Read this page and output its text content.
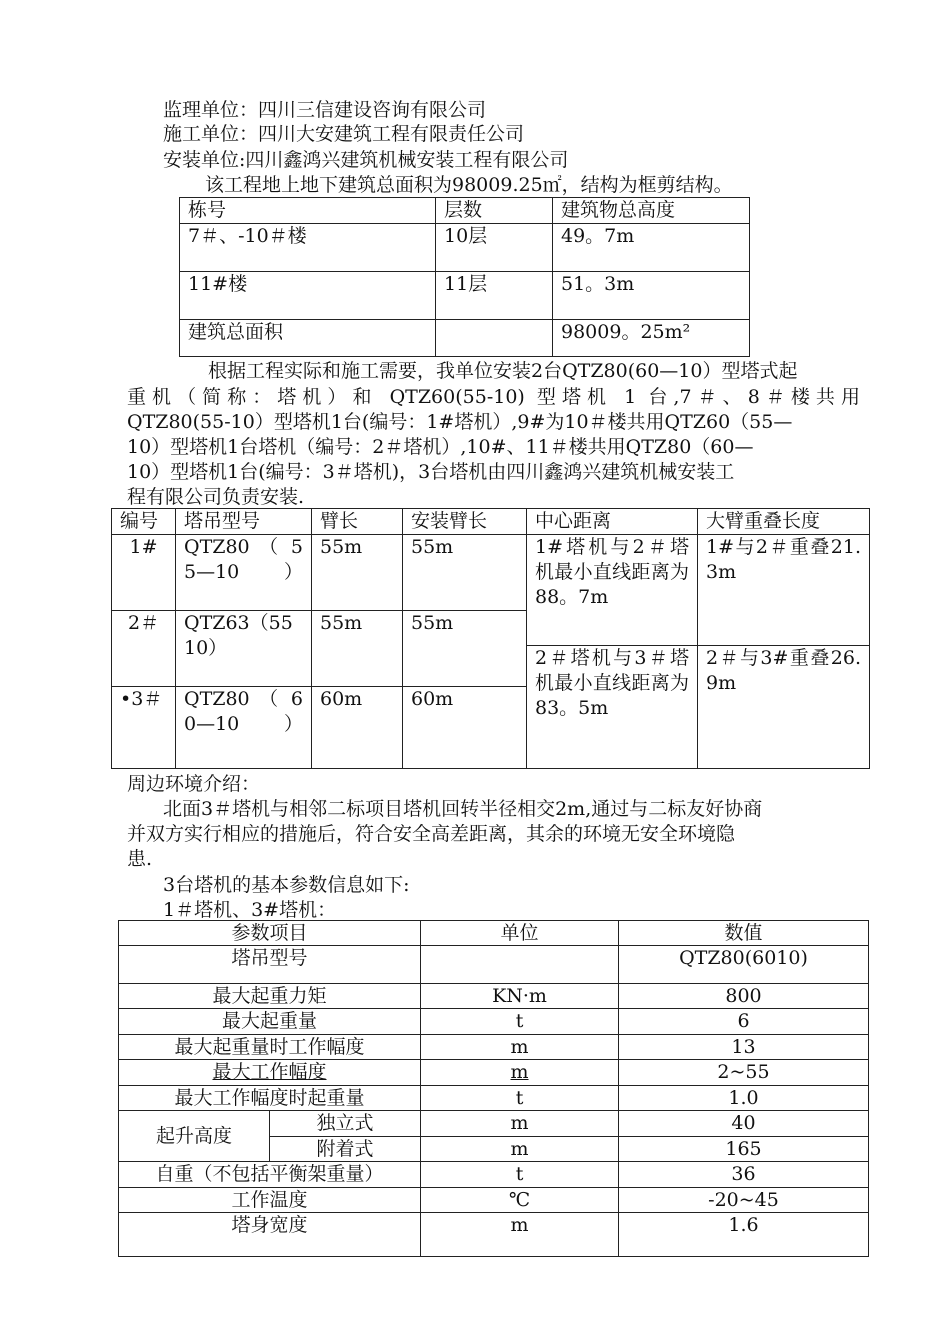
监理单位：四川三信建设咨询有限公司
施工单位：四川大安建筑工程有限责任公司
安装单位:四川鑫鸿兴建筑机械安装工程有限公司
该工程地上地下建筑总面积为98009.25㎡，结构为框剪结构。
栋号	层数	建筑物总高度
7＃、-10＃楼	10层	49。7m
11#楼	11层	51。3m
建筑总面积		98009。25m²
根据工程实际和施工需要，我单位安装2台QTZ80(60—10）型塔式起
重机（简称：塔机）和 QTZ60(55-10) 型塔机 1 台,7＃、8＃楼共用
QTZ80(55-10）型塔机1台(编号：1#塔机）,9#为10＃楼共用QTZ60（55—
10）型塔机1台塔机（编号：2＃塔机）,10#、11＃楼共用QTZ80（60—
10）型塔机1台(编号：3＃塔机)，3台塔机由四川鑫鸿兴建筑机械安装工
程有限公司负责安装.
编号	塔吊型号	臂长	安装臂长	中心距离	大臂重叠长度
1#	QTZ80 （ 55—10）	55m	55m	1#塔机与2＃塔机最小直线距离为88。7m	1#与2＃重叠21.3m
2＃	QTZ63（5510）	55m	55m		
				2＃塔机与3＃塔机最小直线距离为83。5m	2＃与3#重叠26.9m
•3＃	QTZ80 （ 60—10）	60m	60m		
周边环境介绍：
北面3＃塔机与相邻二标项目塔机回转半径相交2m,通过与二标友好协商
并双方实行相应的措施后，符合安全高差距离，其余的环境无安全环境隐
患.
3台塔机的基本参数信息如下:
1＃塔机、3#塔机：
参数项目		单位	数值
塔吊型号			QTZ80(6010)
最大起重力矩		KN·m	800
最大起重量		t	6
最大起重量时工作幅度		m	13
最大工作幅度		m	2~55
最大工作幅度时起重量		t	1.0
起升高度	独立式	m	40
	附着式	m	165
自重（不包括平衡架重量）		t	36
工作温度		℃	-20~45
塔身宽度		m	1.6
